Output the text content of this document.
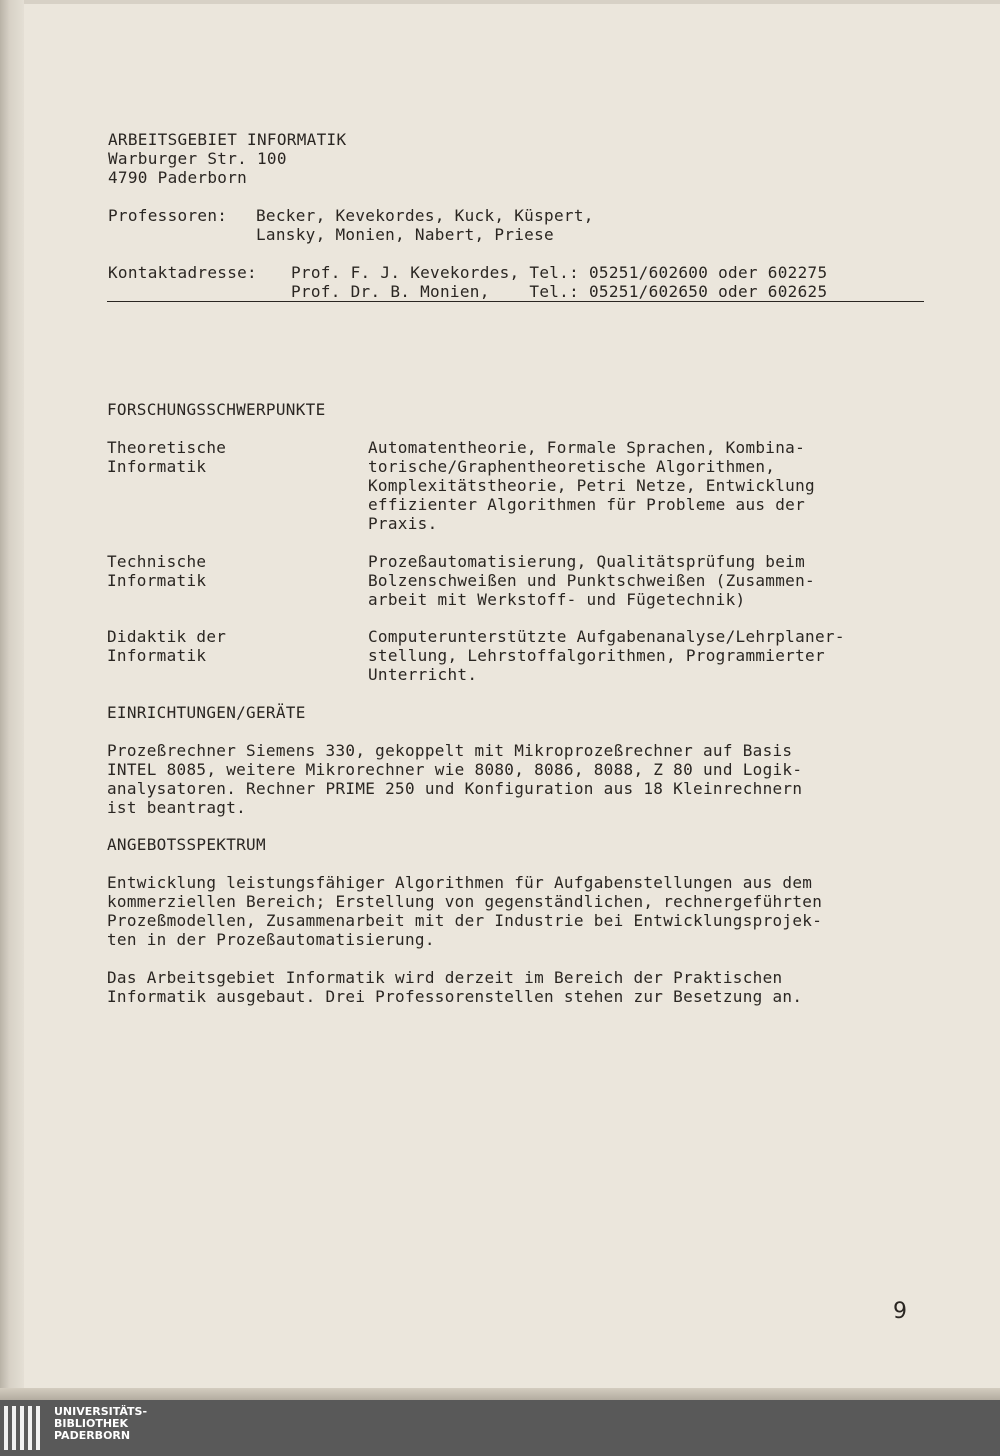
ARBEITSGEBIET INFORMATIK
Warburger Str. 100
4790 Paderborn
Professoren: Becker, Kevekordes, Kuck, Küspert,
Lansky, Monien, Nabert, Priese
Kontaktadresse: Prof. F. J. Kevekordes, Tel.: 05251/602600 oder 602275
Prof. Dr. B. Monien,    Tel.: 05251/602650 oder 602625
FORSCHUNGSSCHWERPUNKTE
Theoretische
Informatik
Automatentheorie, Formale Sprachen, Kombina-
torische/Graphentheoretische Algorithmen,
Komplexitätstheorie, Petri Netze, Entwicklung
effizienter Algorithmen für Probleme aus der
Praxis.
Technische
Informatik
Prozeßautomatisierung, Qualitätsprüfung beim
Bolzenschweißen und Punktschweißen (Zusammen-
arbeit mit Werkstoff- und Fügetechnik)
Didaktik der
Informatik
Computerunterstützte Aufgabenanalyse/Lehrplaner-
stellung, Lehrstoffalgorithmen, Programmierter
Unterricht.
EINRICHTUNGEN/GERÄTE
Prozeßrechner Siemens 330, gekoppelt mit Mikroprozeßrechner auf Basis
INTEL 8085, weitere Mikrorechner wie 8080, 8086, 8088, Z 80 und Logik-
analysatoren. Rechner PRIME 250 und Konfiguration aus 18 Kleinrechnern
ist beantragt.
ANGEBOTSSPEKTRUM
Entwicklung leistungsfähiger Algorithmen für Aufgabenstellungen aus dem
kommerziellen Bereich; Erstellung von gegenständlichen, rechnergeführten
Prozeßmodellen, Zusammenarbeit mit der Industrie bei Entwicklungsprojek-
ten in der Prozeßautomatisierung.
Das Arbeitsgebiet Informatik wird derzeit im Bereich der Praktischen
Informatik ausgebaut. Drei Professorenstellen stehen zur Besetzung an.
9
UNIVERSITÄTS-
BIBLIOTHEK
PADERBORN
